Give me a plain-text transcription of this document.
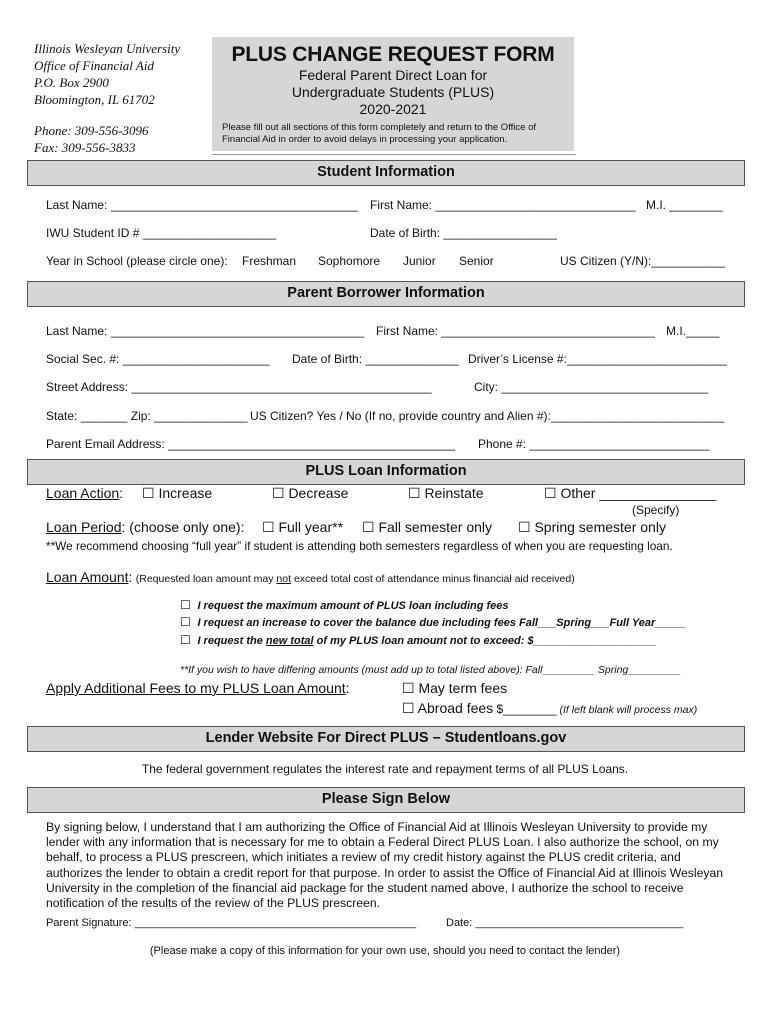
Illinois Wesleyan University
Office of Financial Aid
P.O. Box 2900
Bloomington, IL 61702
Phone: 309-556-3096
Fax: 309-556-3833
PLUS CHANGE REQUEST FORM
Federal Parent Direct Loan for
Undergraduate Students (PLUS)
2020-2021
Please fill out all sections of this form completely and return to the Office of
Financial Aid in order to avoid delays in processing your application.
Student Information
Last Name: _____________________________________ First Name: ______________________________ M.I. ________
IWU Student ID # ____________________	Date of Birth: _________________
Year in School (please circle one): Freshman Sophomore Junior Senior	US Citizen (Y/N):___________
Parent Borrower Information
Last Name: ______________________________________ First Name: ________________________________ M.I._____
Social Sec. #: ______________________ Date of Birth: ______________ Driver’s License #:________________________
Street Address: _____________________________________________	City: _______________________________
State: _______ Zip: ______________ US Citizen? Yes / No (If no, provide country and Alien #):__________________________
Parent Email Address: ___________________________________________ Phone #: ___________________________
PLUS Loan Information
Loan Action: ☐ Increase	☐ Decrease	☐ Reinstate	☐ Other _______________
(Specify)
Loan Period: (choose only one): ☐ Full year** ☐ Fall semester only ☐ Spring semester only
**We recommend choosing “full year” if student is attending both semesters regardless of when you are requesting loan.
Loan Amount: (Requested loan amount may not exceed total cost of attendance minus financial aid received)
☐  I request the maximum amount of PLUS loan including fees
☐  I request an increase to cover the balance due including fees Fall___Spring___Full Year_____
☐  I request the new total of my PLUS loan amount not to exceed: $____________________
**If you wish to have differing amounts (must add up to total listed above): Fall_________ Spring_________
Apply Additional Fees to my PLUS Loan Amount:	☐ May term fees
☐ Abroad fees $________ (If left blank will process max)
Lender Website For Direct PLUS – Studentloans.gov
The federal government regulates the interest rate and repayment terms of all PLUS Loans.
Please Sign Below
By signing below, I understand that I am authorizing the Office of Financial Aid at Illinois Wesleyan University to provide my lender with any information that is necessary for me to obtain a Federal Direct PLUS Loan. I also authorize the school, on my behalf, to process a PLUS prescreen, which initiates a review of my credit history against the PLUS credit criteria, and authorizes the lender to obtain a credit report for that purpose. In order to assist the Office of Financial Aid at Illinois Wesleyan University in the completion of the financial aid package for the student named above, I authorize the school to receive notification of the results of the review of the PLUS prescreen.
Parent Signature: ______________________________________________	Date: __________________________________
(Please make a copy of this information for your own use, should you need to contact the lender)
